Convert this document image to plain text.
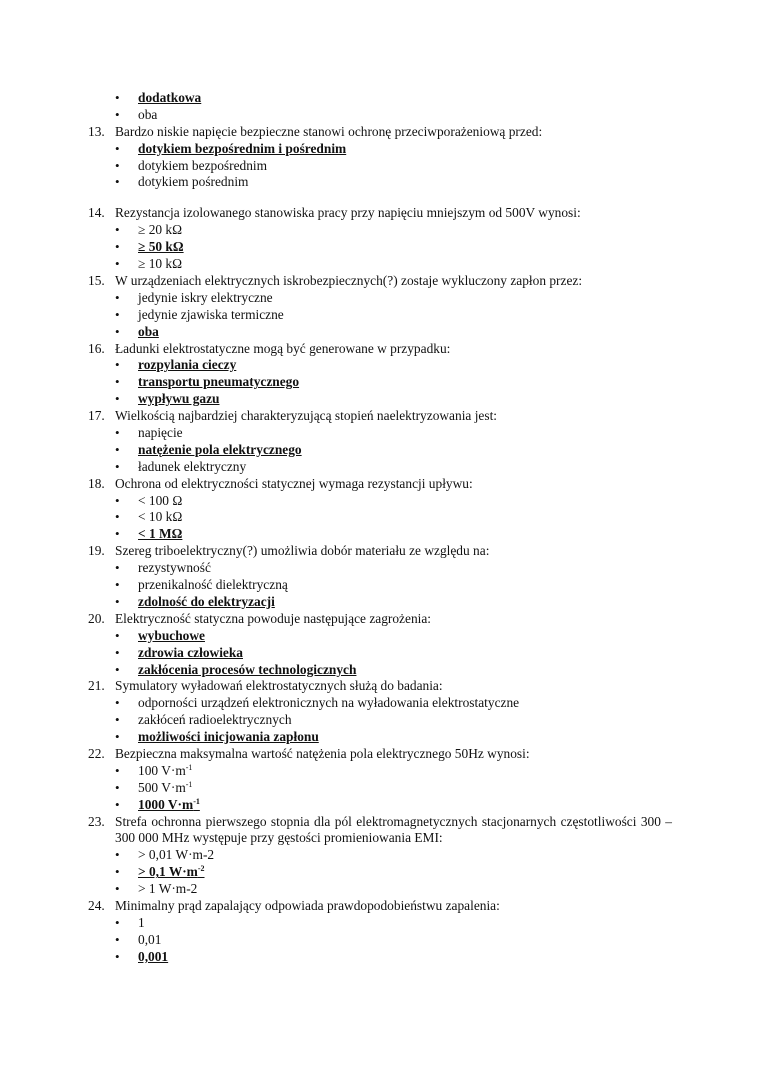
• dodatkowa
• oba
13. Bardzo niskie napięcie bezpieczne stanowi ochronę przeciwporażeniową przed:
• dotykiem bezpośrednim i pośrednim
• dotykiem bezpośrednim
• dotykiem pośrednim
14. Rezystancja izolowanego stanowiska pracy przy napięciu mniejszym od 500V wynosi:
• ≥ 20 kΩ
• ≥ 50 kΩ
• ≥ 10 kΩ
15. W urządzeniach elektrycznych iskrobezpiecznych(?) zostaje wykluczony zapłon przez:
• jedynie iskry elektryczne
• jedynie zjawiska termiczne
• oba
16. Ładunki elektrostatyczne mogą być generowane w przypadku:
• rozpylania cieczy
• transportu pneumatycznego
• wypływu gazu
17. Wielkością najbardziej charakteryzującą stopień naelektryzowania jest:
• napięcie
• natężenie pola elektrycznego
• ładunek elektryczny
18. Ochrona od elektryczności statycznej wymaga rezystancji upływu:
• < 100 Ω
• < 10 kΩ
• < 1 MΩ
19. Szereg triboelektryczny(?) umożliwia dobór materiału ze względu na:
• rezystywność
• przenikalność dielektryczną
• zdolność do elektryzacji
20. Elektryczność statyczna powoduje następujące zagrożenia:
• wybuchowe
• zdrowia człowieka
• zakłócenia procesów technologicznych
21. Symulatory wyładowań elektrostatycznych służą do badania:
• odporności urządzeń elektronicznych na wyładowania elektrostatyczne
• zakłóceń radioelektrycznych
• możliwości inicjowania zapłonu
22. Bezpieczna maksymalna wartość natężenia pola elektrycznego 50Hz wynosi:
• 100 $V\cdot m^{-1}$
• 500 $V\cdot m^{-1}$
• 1000 $V\cdot m^{-1}$
23. Strefa ochronna pierwszego stopnia dla pól elektromagnetycznych stacjonarnych częstotliwości 300 – 300 000 MHz występuje przy gęstości promieniowania EMI:
• > 0,01 W·m-2
• > 0,1 $W\cdot m^{-2}$
• > 1 W·m-2
24. Minimalny prąd zapalający odpowiada prawdopodobieństwu zapalenia:
• 1
• 0,01
• 0,001
